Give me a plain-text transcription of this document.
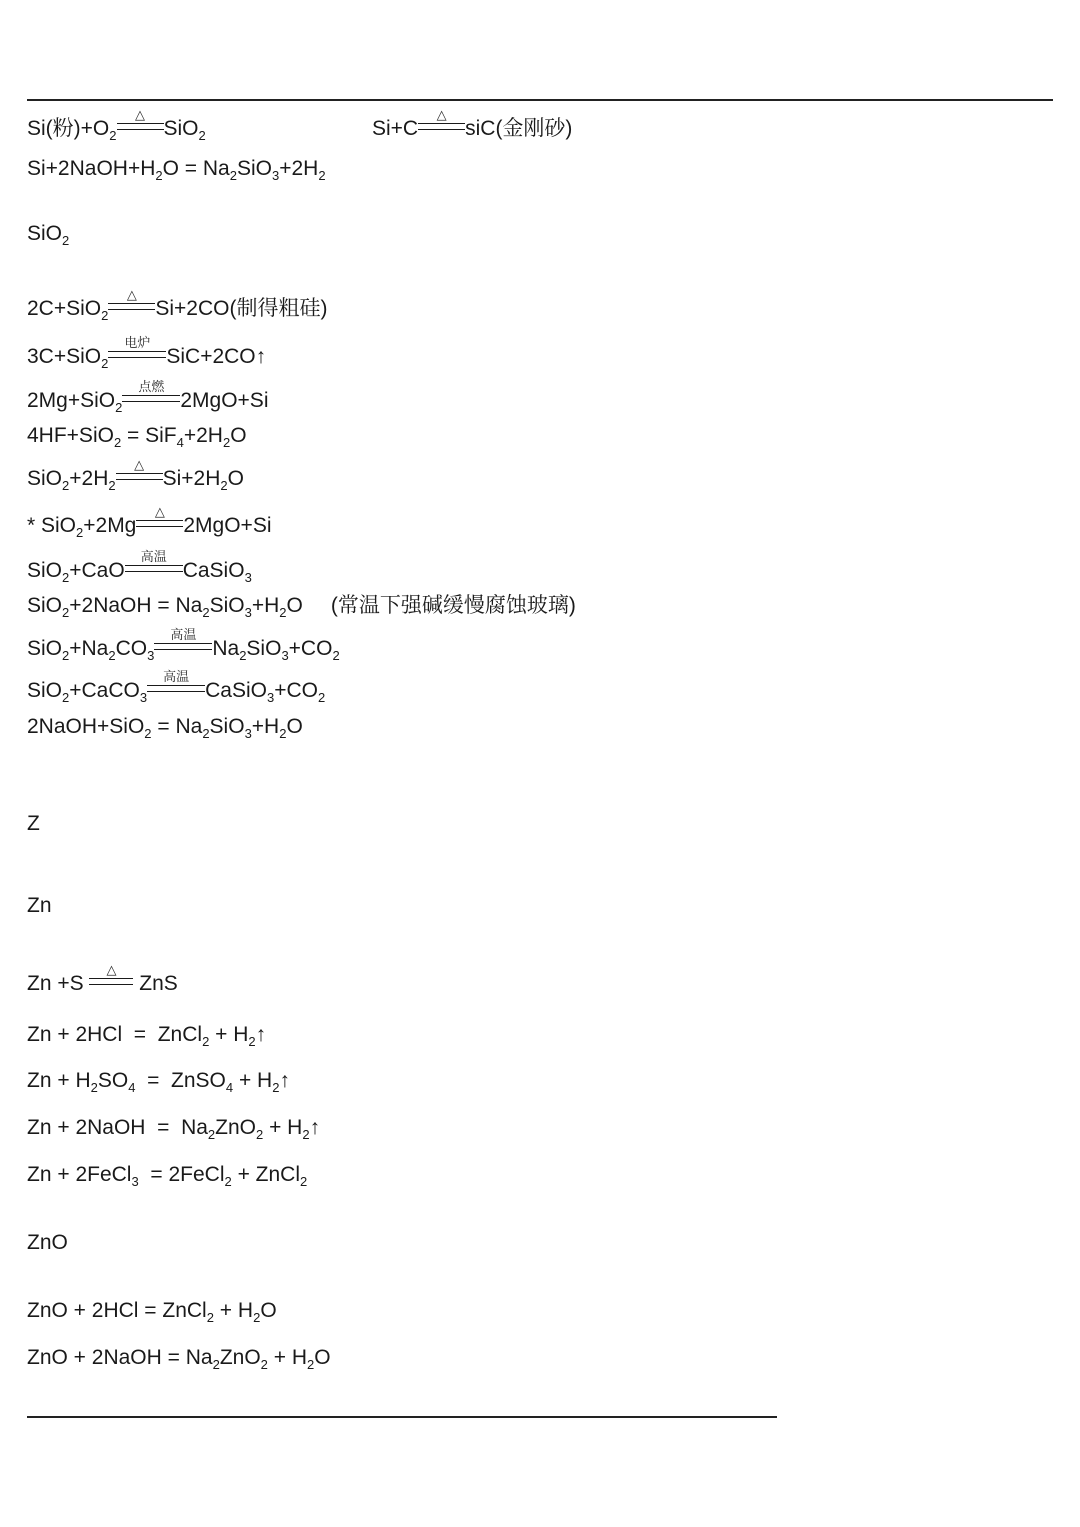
Si(粉)$+O_2$
△
SiO$_2$	Si+C
△
siC(金刚砂)
$Si+2NaOH+H_2O = Na_2SiO_3+2H_2$
SiO$_2$
2C+SiO$_2$
△
Si+2CO(制得粗硅)
3C+SiO$_2$
电炉
SiC+2CO↑
2Mg+SiO$_2$
点燃
2MgO+Si
$4HF+SiO_2 = SiF_4+2H_2O$
$SiO_2+2H_2$
△
$Si+2H_2O$
* SiO$_2$+2Mg
△
2MgO+Si
SiO$_2$+CaO
高温
CaSiO$_3$
SiO$_2$+2NaOH = $Na_2SiO_3+H_2O$ (常温下强碱缓慢腐蚀玻璃)
$SiO_2+Na_2CO_3$
高温
$Na_2SiO_3+CO_2$
SiO$_2$+CaCO$_3$
高温
$CaSiO_3+CO_2$
2NaOH+SiO$_2$ = $Na_2SiO_3+H_2O$
Z
Zn
Zn +S
△
ZnS
Zn + 2HCl  =  ZnCl$_2$ + $H_2↑$
$Zn + H_2SO_4$  =  ZnSO$_4$ + $H_2↑$
Zn + 2NaOH  =  $Na_2ZnO_2$ + $H_2↑$
Zn + 2FeCl$_3$  = 2FeCl$_2$ + ZnCl$_2$
ZnO
ZnO + 2HCl = ZnCl$_2$ + $H_2O$
ZnO + 2NaOH = $Na_2ZnO_2 + H_2O$
